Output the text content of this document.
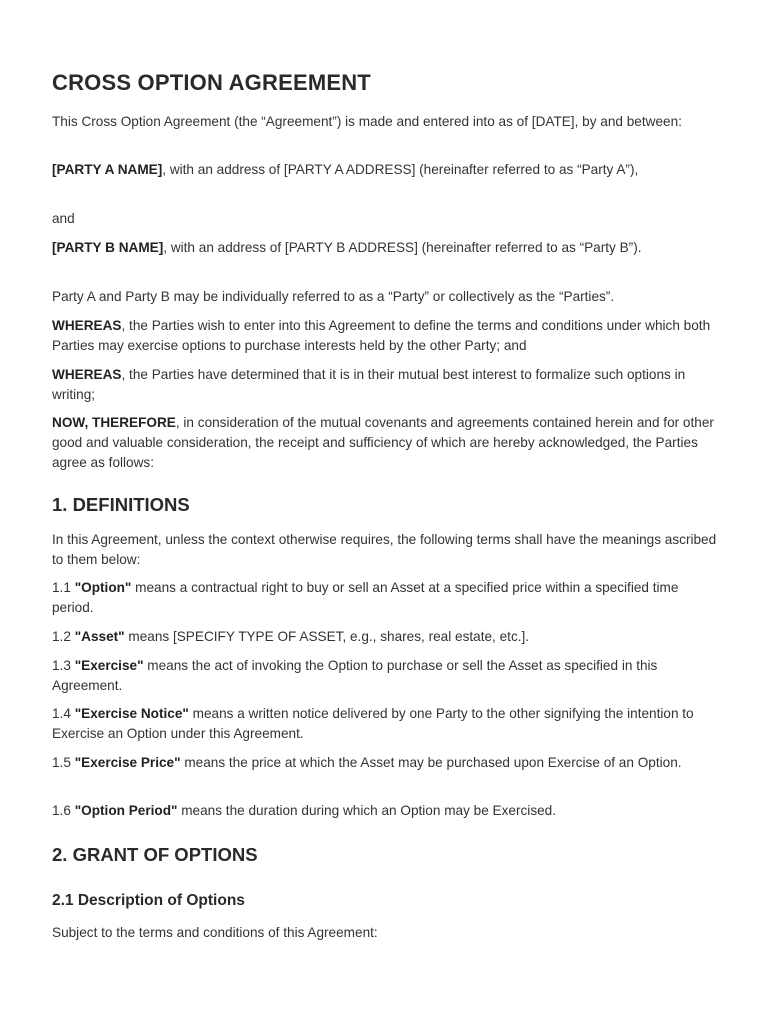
CROSS OPTION AGREEMENT

This Cross Option Agreement (the “Agreement”) is made and entered into as of [DATE], by and between:

[PARTY A NAME], with an address of [PARTY A ADDRESS] (hereinafter referred to as “Party A”),

and

[PARTY B NAME], with an address of [PARTY B ADDRESS] (hereinafter referred to as “Party B”).

Party A and Party B may be individually referred to as a “Party” or collectively as the “Parties”.

WHEREAS, the Parties wish to enter into this Agreement to define the terms and conditions under which both Parties may exercise options to purchase interests held by the other Party; and

WHEREAS, the Parties have determined that it is in their mutual best interest to formalize such options in writing;

NOW, THEREFORE, in consideration of the mutual covenants and agreements contained herein and for other good and valuable consideration, the receipt and sufficiency of which are hereby acknowledged, the Parties agree as follows:

1. DEFINITIONS

In this Agreement, unless the context otherwise requires, the following terms shall have the meanings ascribed to them below:

1.1 "Option" means a contractual right to buy or sell an Asset at a specified price within a specified time period.

1.2 "Asset" means [SPECIFY TYPE OF ASSET, e.g., shares, real estate, etc.].

1.3 "Exercise" means the act of invoking the Option to purchase or sell the Asset as specified in this Agreement.

1.4 "Exercise Notice" means a written notice delivered by one Party to the other signifying the intention to Exercise an Option under this Agreement.

1.5 "Exercise Price" means the price at which the Asset may be purchased upon Exercise of an Option.

1.6 "Option Period" means the duration during which an Option may be Exercised.

2. GRANT OF OPTIONS
2.1 Description of Options

Subject to the terms and conditions of this Agreement:
